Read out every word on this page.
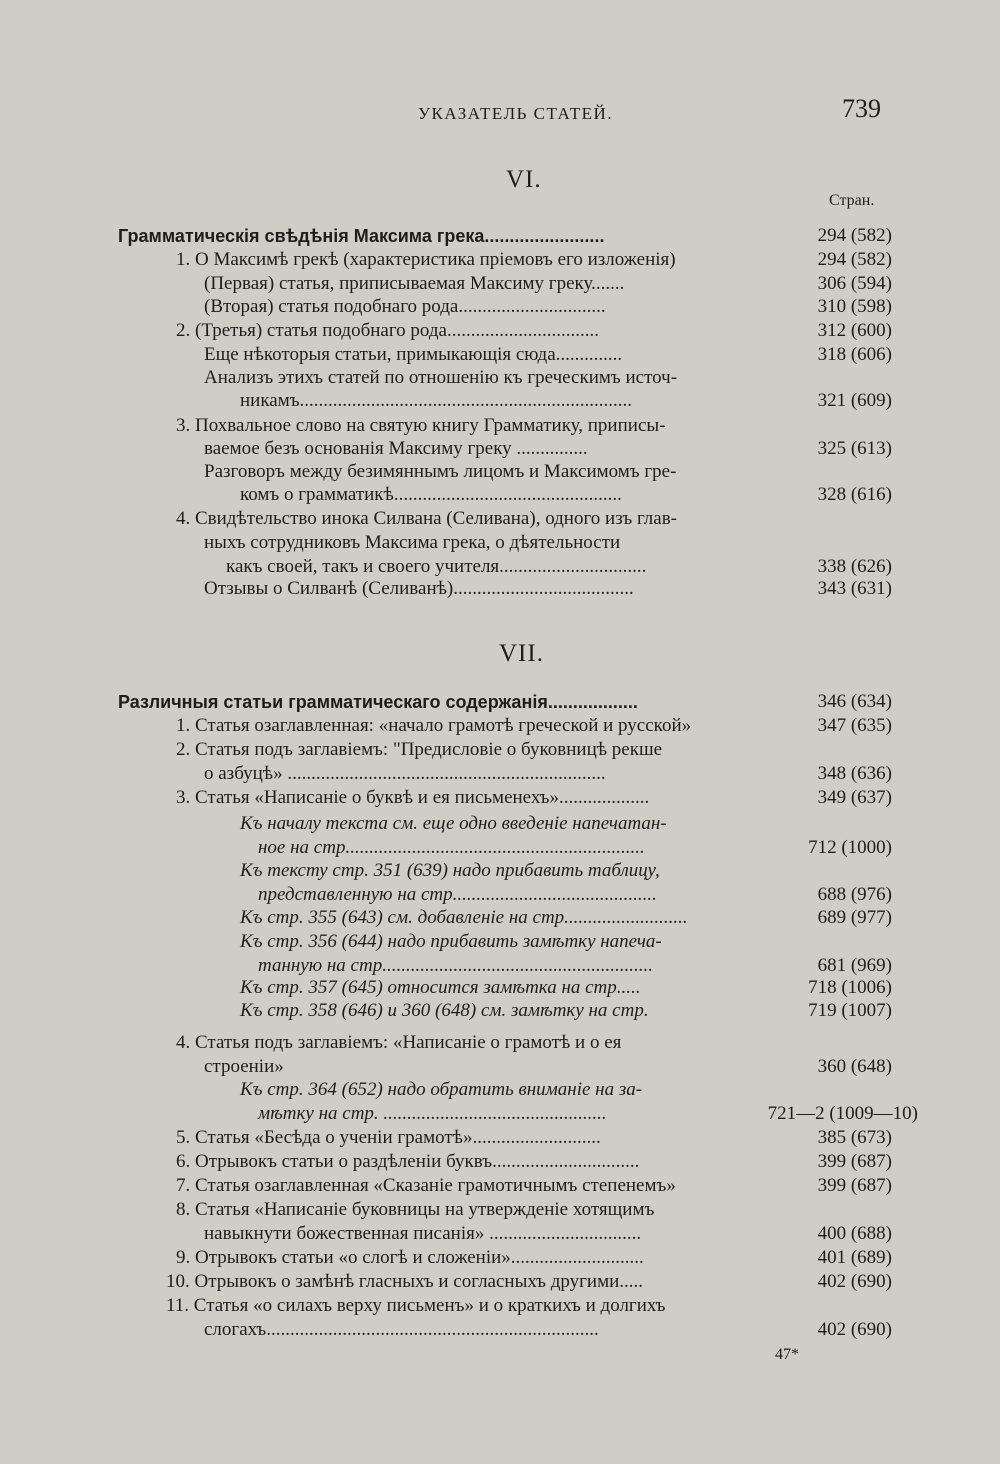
УКАЗАТЕЛЬ СТАТЕЙ.	739
VI.
Стран.
Грамматическія свѣдѣнія Максима грека........................	294 (582)
1. О Максимѣ грекѣ (характеристика пріемовъ его изложенія)	294 (582)
(Первая) статья, приписываемая Максиму греку.......	306 (594)
(Вторая) статья подобнаго рода...............................	310 (598)
2. (Третья) статья подобнаго рода................................	312 (600)
Еще нѣкоторыя статьи, примыкающія сюда..............	318 (606)
Анализъ этихъ статей по отношенію къ греческимъ источ-
никамъ......................................................................	321 (609)
3. Похвальное слово на святую книгу Грамматику, приписы-
ваемое безъ основанія Максиму греку ...............	325 (613)
Разговоръ между безимяннымъ лицомъ и Максимомъ гре-
комъ о грамматикѣ................................................	328 (616)
4. Свидѣтельство инока Силвана (Селивана), одного изъ глав-
ныхъ сотрудниковъ Максима грека, о дѣятельности
какъ своей, такъ и своего учителя...............................	338 (626)
Отзывы о Силванѣ (Селиванѣ)......................................	343 (631)
VII.
Различныя статьи грамматическаго содержанія..................	346 (634)
1. Статья озаглавленная: «начало грамотѣ греческой и русской»	347 (635)
2. Статья подъ заглавіемъ: "Предисловіе о буковницѣ рекше
о азбуцѣ» ...................................................................	348 (636)
3. Статья «Написаніе о буквѣ и ея письменехъ»...................	349 (637)
Къ началу текста см. еще одно введеніе напечатан-
ное на стр...............................................................	712 (1000)
Къ тексту стр. 351 (639) надо прибавить таблицу,
представленную на стр...........................................	688 (976)
Къ стр. 355 (643) см. добавленіе на стр..........................	689 (977)
Къ стр. 356 (644) надо прибавить замѣтку напеча-
танную на стр.........................................................	681 (969)
Къ стр. 357 (645) относится замѣтка на стр.....	718 (1006)
Къ стр. 358 (646) и 360 (648) см. замѣтку на стр.	719 (1007)
4. Статья подъ заглавіемъ: «Написаніе о грамотѣ и о ея
строеніи»	360 (648)
Къ стр. 364 (652) надо обратить вниманіе на за-
мѣтку на стр. ...............................................	721—2 (1009—10)
5. Статья «Бесѣда о ученіи грамотѣ»...........................	385 (673)
6. Отрывокъ статьи о раздѣленіи буквъ...............................	399 (687)
7. Статья озаглавленная «Сказаніе грамотичнымъ степенемъ»	399 (687)
8. Статья «Написаніе буковницы на утвержденіе хотящимъ
навыкнути божественная писанія» ................................	400 (688)
9. Отрывокъ статьи «о слогѣ и сложеніи»............................	401 (689)
10. Отрывокъ о замѣнѣ гласныхъ и согласныхъ другими.....	402 (690)
11. Статья «о силахъ верху письменъ» и о краткихъ и долгихъ
слогахъ......................................................................	402 (690)
47*
